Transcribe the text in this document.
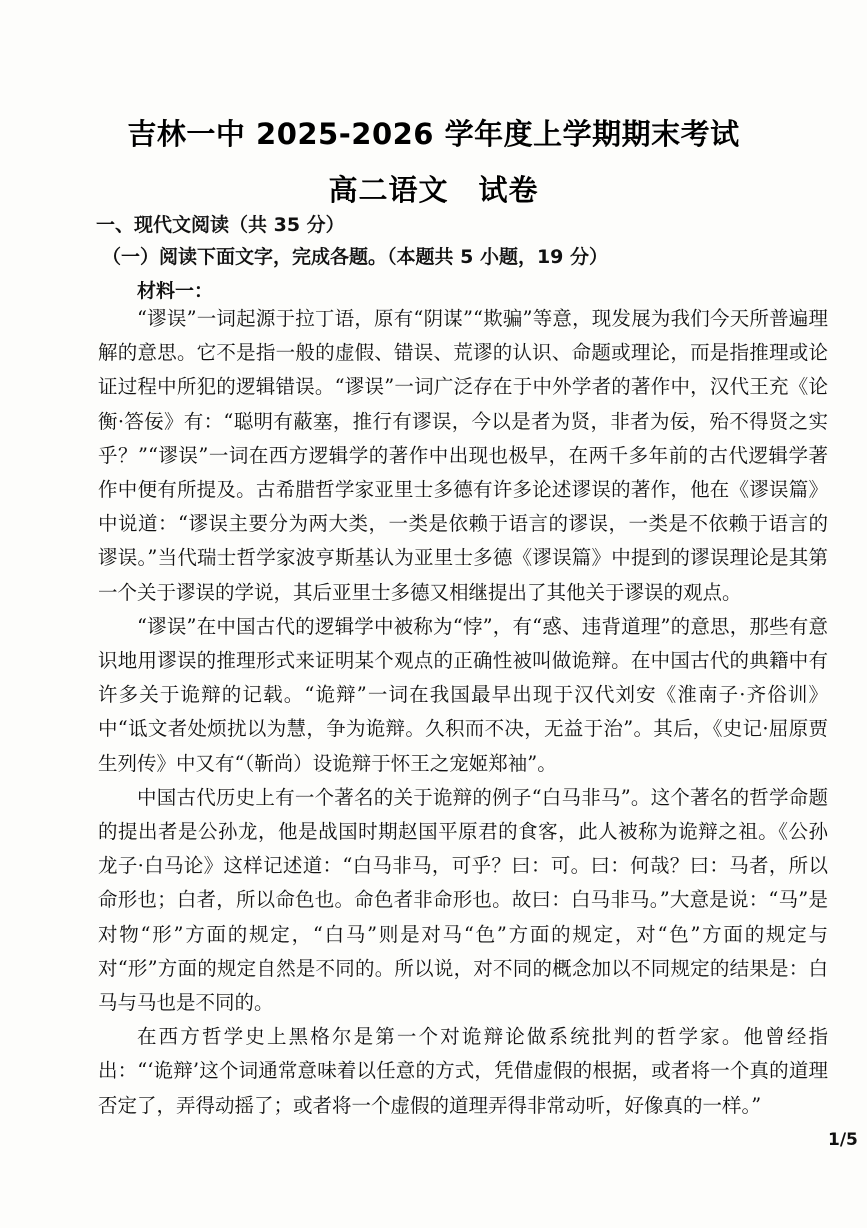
吉林一中 2025-2026 学年度上学期期末考试
高二语文　试卷

一、现代文阅读（共 35 分）

（一）阅读下面文字，完成各题。（本题共 5 小题，19 分）

材料一：

“谬误”一词起源于拉丁语，原有“阴谋”“欺骗”等意，现发展为我们今天所普遍理解的意思。它不是指一般的虚假、错误、荒谬的认识、命题或理论，而是指推理或论证过程中所犯的逻辑错误。“谬误”一词广泛存在于中外学者的著作中，汉代王充《论衡·答佞》有：“聪明有蔽塞，推行有谬误，今以是者为贤，非者为佞，殆不得贤之实乎？”“谬误”一词在西方逻辑学的著作中出现也极早，在两千多年前的古代逻辑学著作中便有所提及。古希腊哲学家亚里士多德有许多论述谬误的著作，他在《谬误篇》中说道：“谬误主要分为两大类，一类是依赖于语言的谬误，一类是不依赖于语言的谬误。”当代瑞士哲学家波亨斯基认为亚里士多德《谬误篇》中提到的谬误理论是其第一个关于谬误的学说，其后亚里士多德又相继提出了其他关于谬误的观点。

“谬误”在中国古代的逻辑学中被称为“悖”，有“惑、违背道理”的意思，那些有意识地用谬误的推理形式来证明某个观点的正确性被叫做诡辩。在中国古代的典籍中有许多关于诡辩的记载。“诡辩”一词在我国最早出现于汉代刘安《淮南子·齐俗训》中“诋文者处烦扰以为慧，争为诡辩。久积而不决，无益于治”。其后，《史记·屈原贾生列传》中又有“（靳尚）设诡辩于怀王之宠姬郑袖”。

中国古代历史上有一个著名的关于诡辩的例子“白马非马”。这个著名的哲学命题的提出者是公孙龙，他是战国时期赵国平原君的食客，此人被称为诡辩之祖。《公孙龙子·白马论》这样记述道：“白马非马，可乎？曰：可。曰：何哉？曰：马者，所以命形也；白者，所以命色也。命色者非命形也。故曰：白马非马。”大意是说：“马”是对物“形”方面的规定，“白马”则是对马“色”方面的规定，对“色”方面的规定与对“形”方面的规定自然是不同的。所以说，对不同的概念加以不同规定的结果是：白马与马也是不同的。

在西方哲学史上黑格尔是第一个对诡辩论做系统批判的哲学家。他曾经指出：“‘诡辩’这个词通常意味着以任意的方式，凭借虚假的根据，或者将一个真的道理否定了，弄得动摇了；或者将一个虚假的道理弄得非常动听，好像真的一样。”

1/5
